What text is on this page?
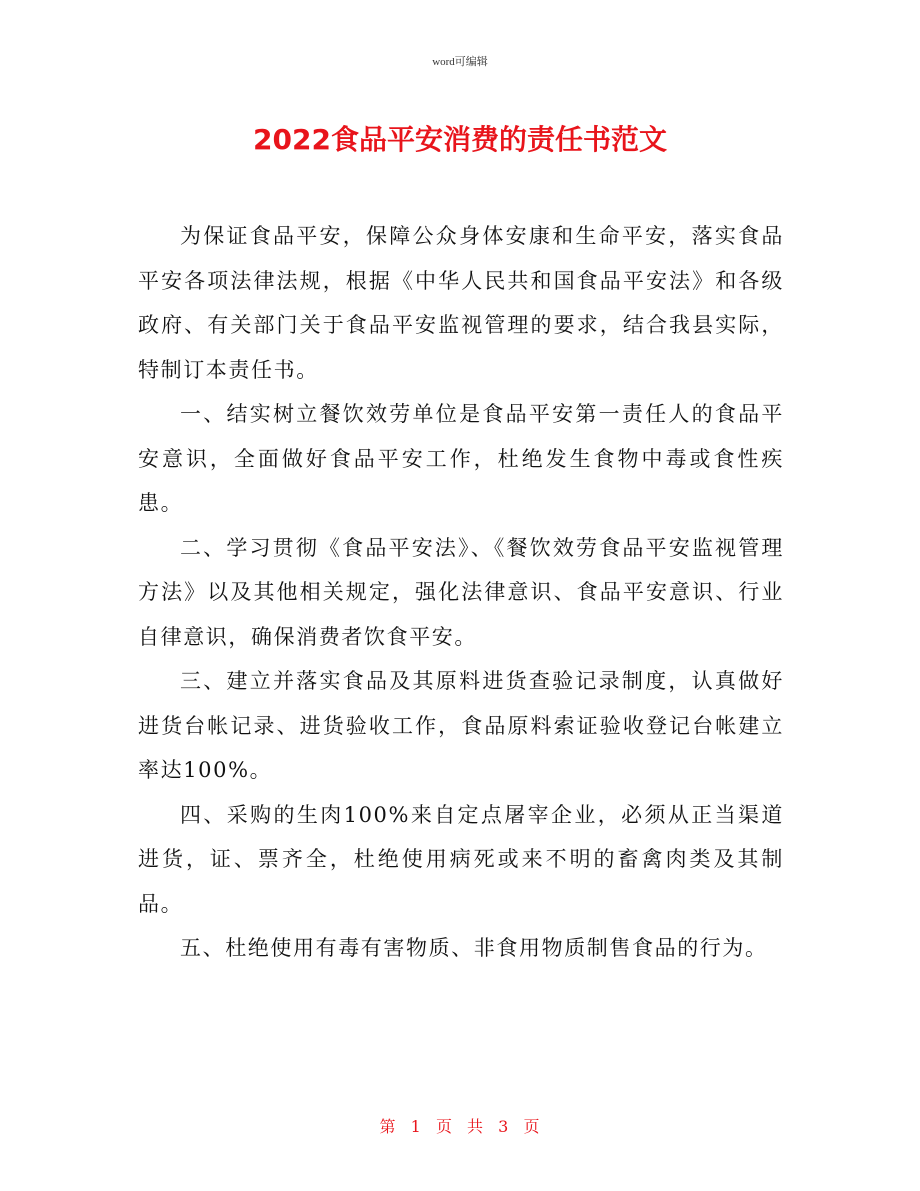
word可编辑
2022食品平安消费的责任书范文

为保证食品平安，保障公众身体安康和生命平安，落实食品平安各项法律法规，根据《中华人民共和国食品平安法》和各级政府、有关部门关于食品平安监视管理的要求，结合我县实际，特制订本责任书。

一、结实树立餐饮效劳单位是食品平安第一责任人的食品平安意识，全面做好食品平安工作，杜绝发生食物中毒或食性疾患。

二、学习贯彻《食品平安法》、《餐饮效劳食品平安监视管理方法》以及其他相关规定，强化法律意识、食品平安意识、行业自律意识，确保消费者饮食平安。

三、建立并落实食品及其原料进货查验记录制度，认真做好进货台帐记录、进货验收工作，食品原料索证验收登记台帐建立率达100%。

四、采购的生肉100%来自定点屠宰企业，必须从正当渠道进货，证、票齐全，杜绝使用病死或来不明的畜禽肉类及其制品。

五、杜绝使用有毒有害物质、非食用物质制售食品的行为。

第 1 页 共 3 页
